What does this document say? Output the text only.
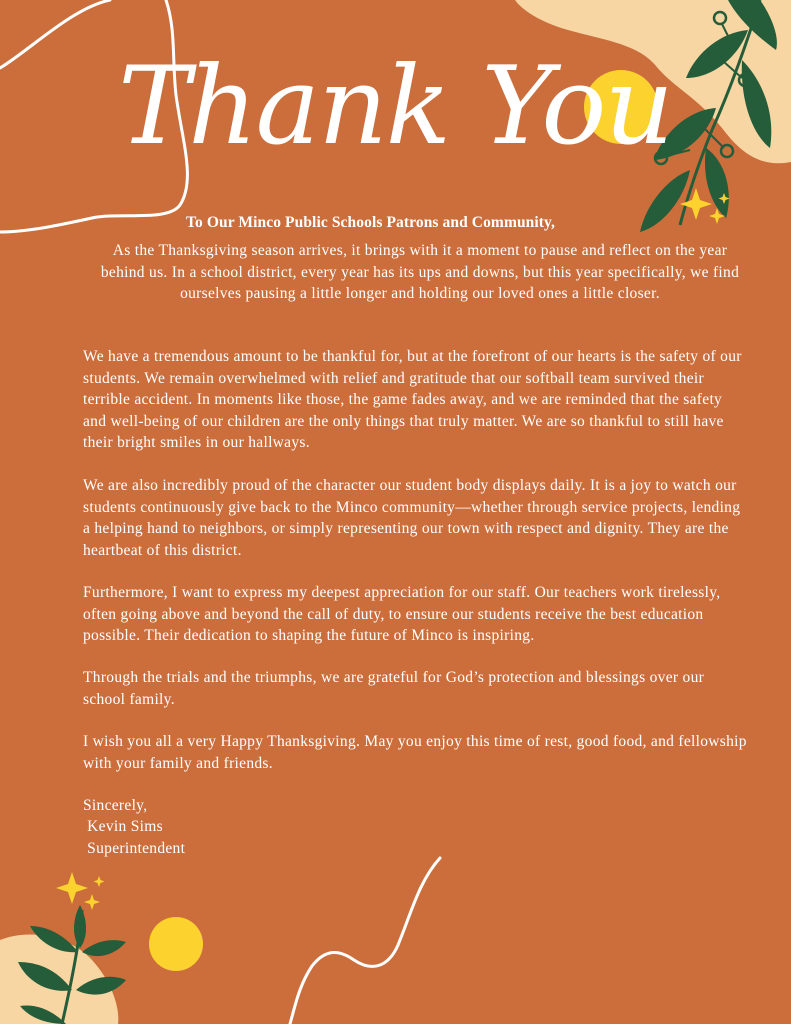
Thank You
To Our Minco Public Schools Patrons and Community,

As the Thanksgiving season arrives, it brings with it a moment to pause and reflect on the year behind us. In a school district, every year has its ups and downs, but this year specifically, we find ourselves pausing a little longer and holding our loved ones a little closer.

We have a tremendous amount to be thankful for, but at the forefront of our hearts is the safety of our students. We remain overwhelmed with relief and gratitude that our softball team survived their terrible accident. In moments like those, the game fades away, and we are reminded that the safety and well-being of our children are the only things that truly matter. We are so thankful to still have their bright smiles in our hallways.

We are also incredibly proud of the character our student body displays daily. It is a joy to watch our students continuously give back to the Minco community—whether through service projects, lending a helping hand to neighbors, or simply representing our town with respect and dignity. They are the heartbeat of this district.

Furthermore, I want to express my deepest appreciation for our staff. Our teachers work tirelessly, often going above and beyond the call of duty, to ensure our students receive the best education possible. Their dedication to shaping the future of Minco is inspiring.

Through the trials and the triumphs, we are grateful for God’s protection and blessings over our school family.

I wish you all a very Happy Thanksgiving. May you enjoy this time of rest, good food, and fellowship with your family and friends.

Sincerely,

Kevin Sims

Superintendent
